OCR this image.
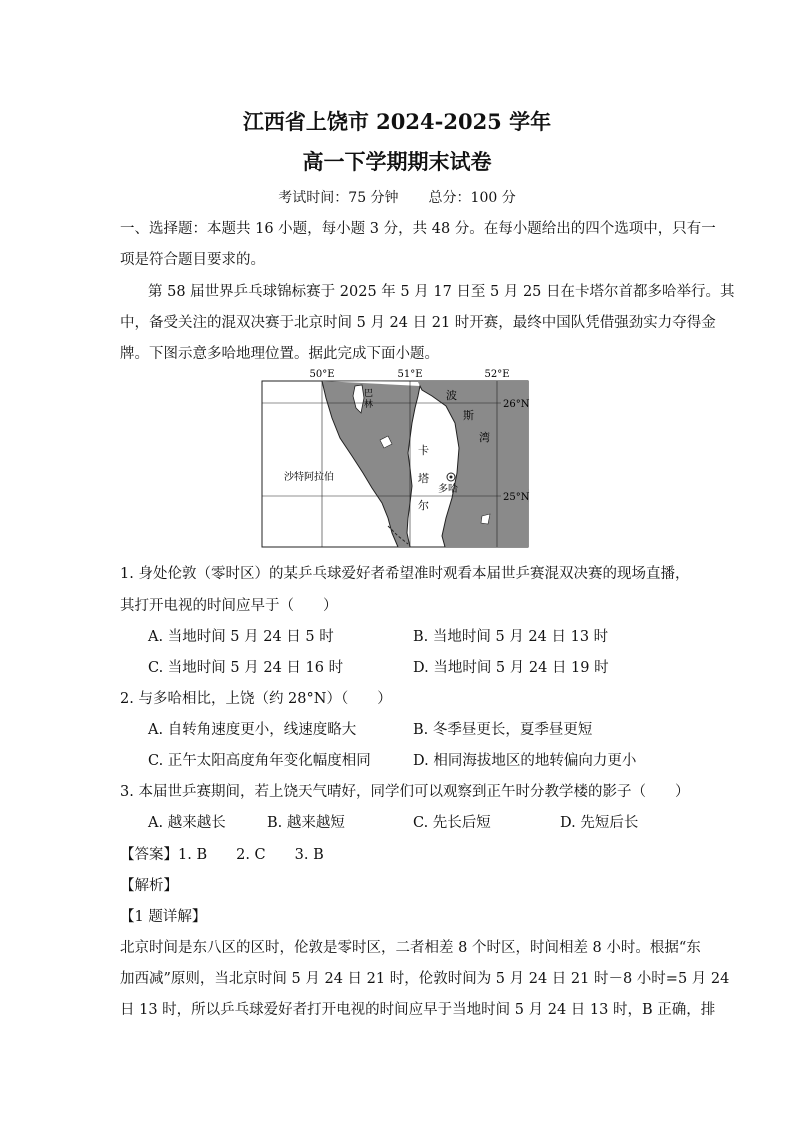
江西省上饶市 2024-2025 学年
高一下学期期末试卷
考试时间：75 分钟 总分：100 分
一、选择题：本题共 16 小题，每小题 3 分，共 48 分。在每小题给出的四个选项中，只有一
项是符合题目要求的。
第 58 届世界乒乓球锦标赛于 2025 年 5 月 17 日至 5 月 25 日在卡塔尔首都多哈举行。其
中，备受关注的混双决赛于北京时间 5 月 24 日 21 时开赛，最终中国队凭借强劲实力夺得金
牌。下图示意多哈地理位置。据此完成下面小题。
50°E	51°E	52°E
26°N
25°N
巴
林
沙特阿拉伯
波
斯
湾
卡
塔
尔
多哈
1. 身处伦敦（零时区）的某乒乓球爱好者希望准时观看本届世乒赛混双决赛的现场直播，
其打开电视的时间应早于（　　）
A. 当地时间 5 月 24 日 5 时	B. 当地时间 5 月 24 日 13 时
C. 当地时间 5 月 24 日 16 时	D. 当地时间 5 月 24 日 19 时
2. 与多哈相比，上饶（约 28°N）（　　）
A. 自转角速度更小，线速度略大	B. 冬季昼更长，夏季昼更短
C. 正午太阳高度角年变化幅度相同	D. 相同海拔地区的地转偏向力更小
3. 本届世乒赛期间，若上饶天气晴好，同学们可以观察到正午时分教学楼的影子（　　）
A. 越来越长	B. 越来越短	C. 先长后短	D. 先短后长
【答案】1. B　　2. C　　3. B
【解析】
【1 题详解】
北京时间是东八区的区时，伦敦是零时区，二者相差 8 个时区，时间相差 8 小时。根据“东
加西减”原则，当北京时间 5 月 24 日 21 时，伦敦时间为 5 月 24 日 21 时－8 小时=5 月 24
日 13 时，所以乒乓球爱好者打开电视的时间应早于当地时间 5 月 24 日 13 时，B 正确，排
